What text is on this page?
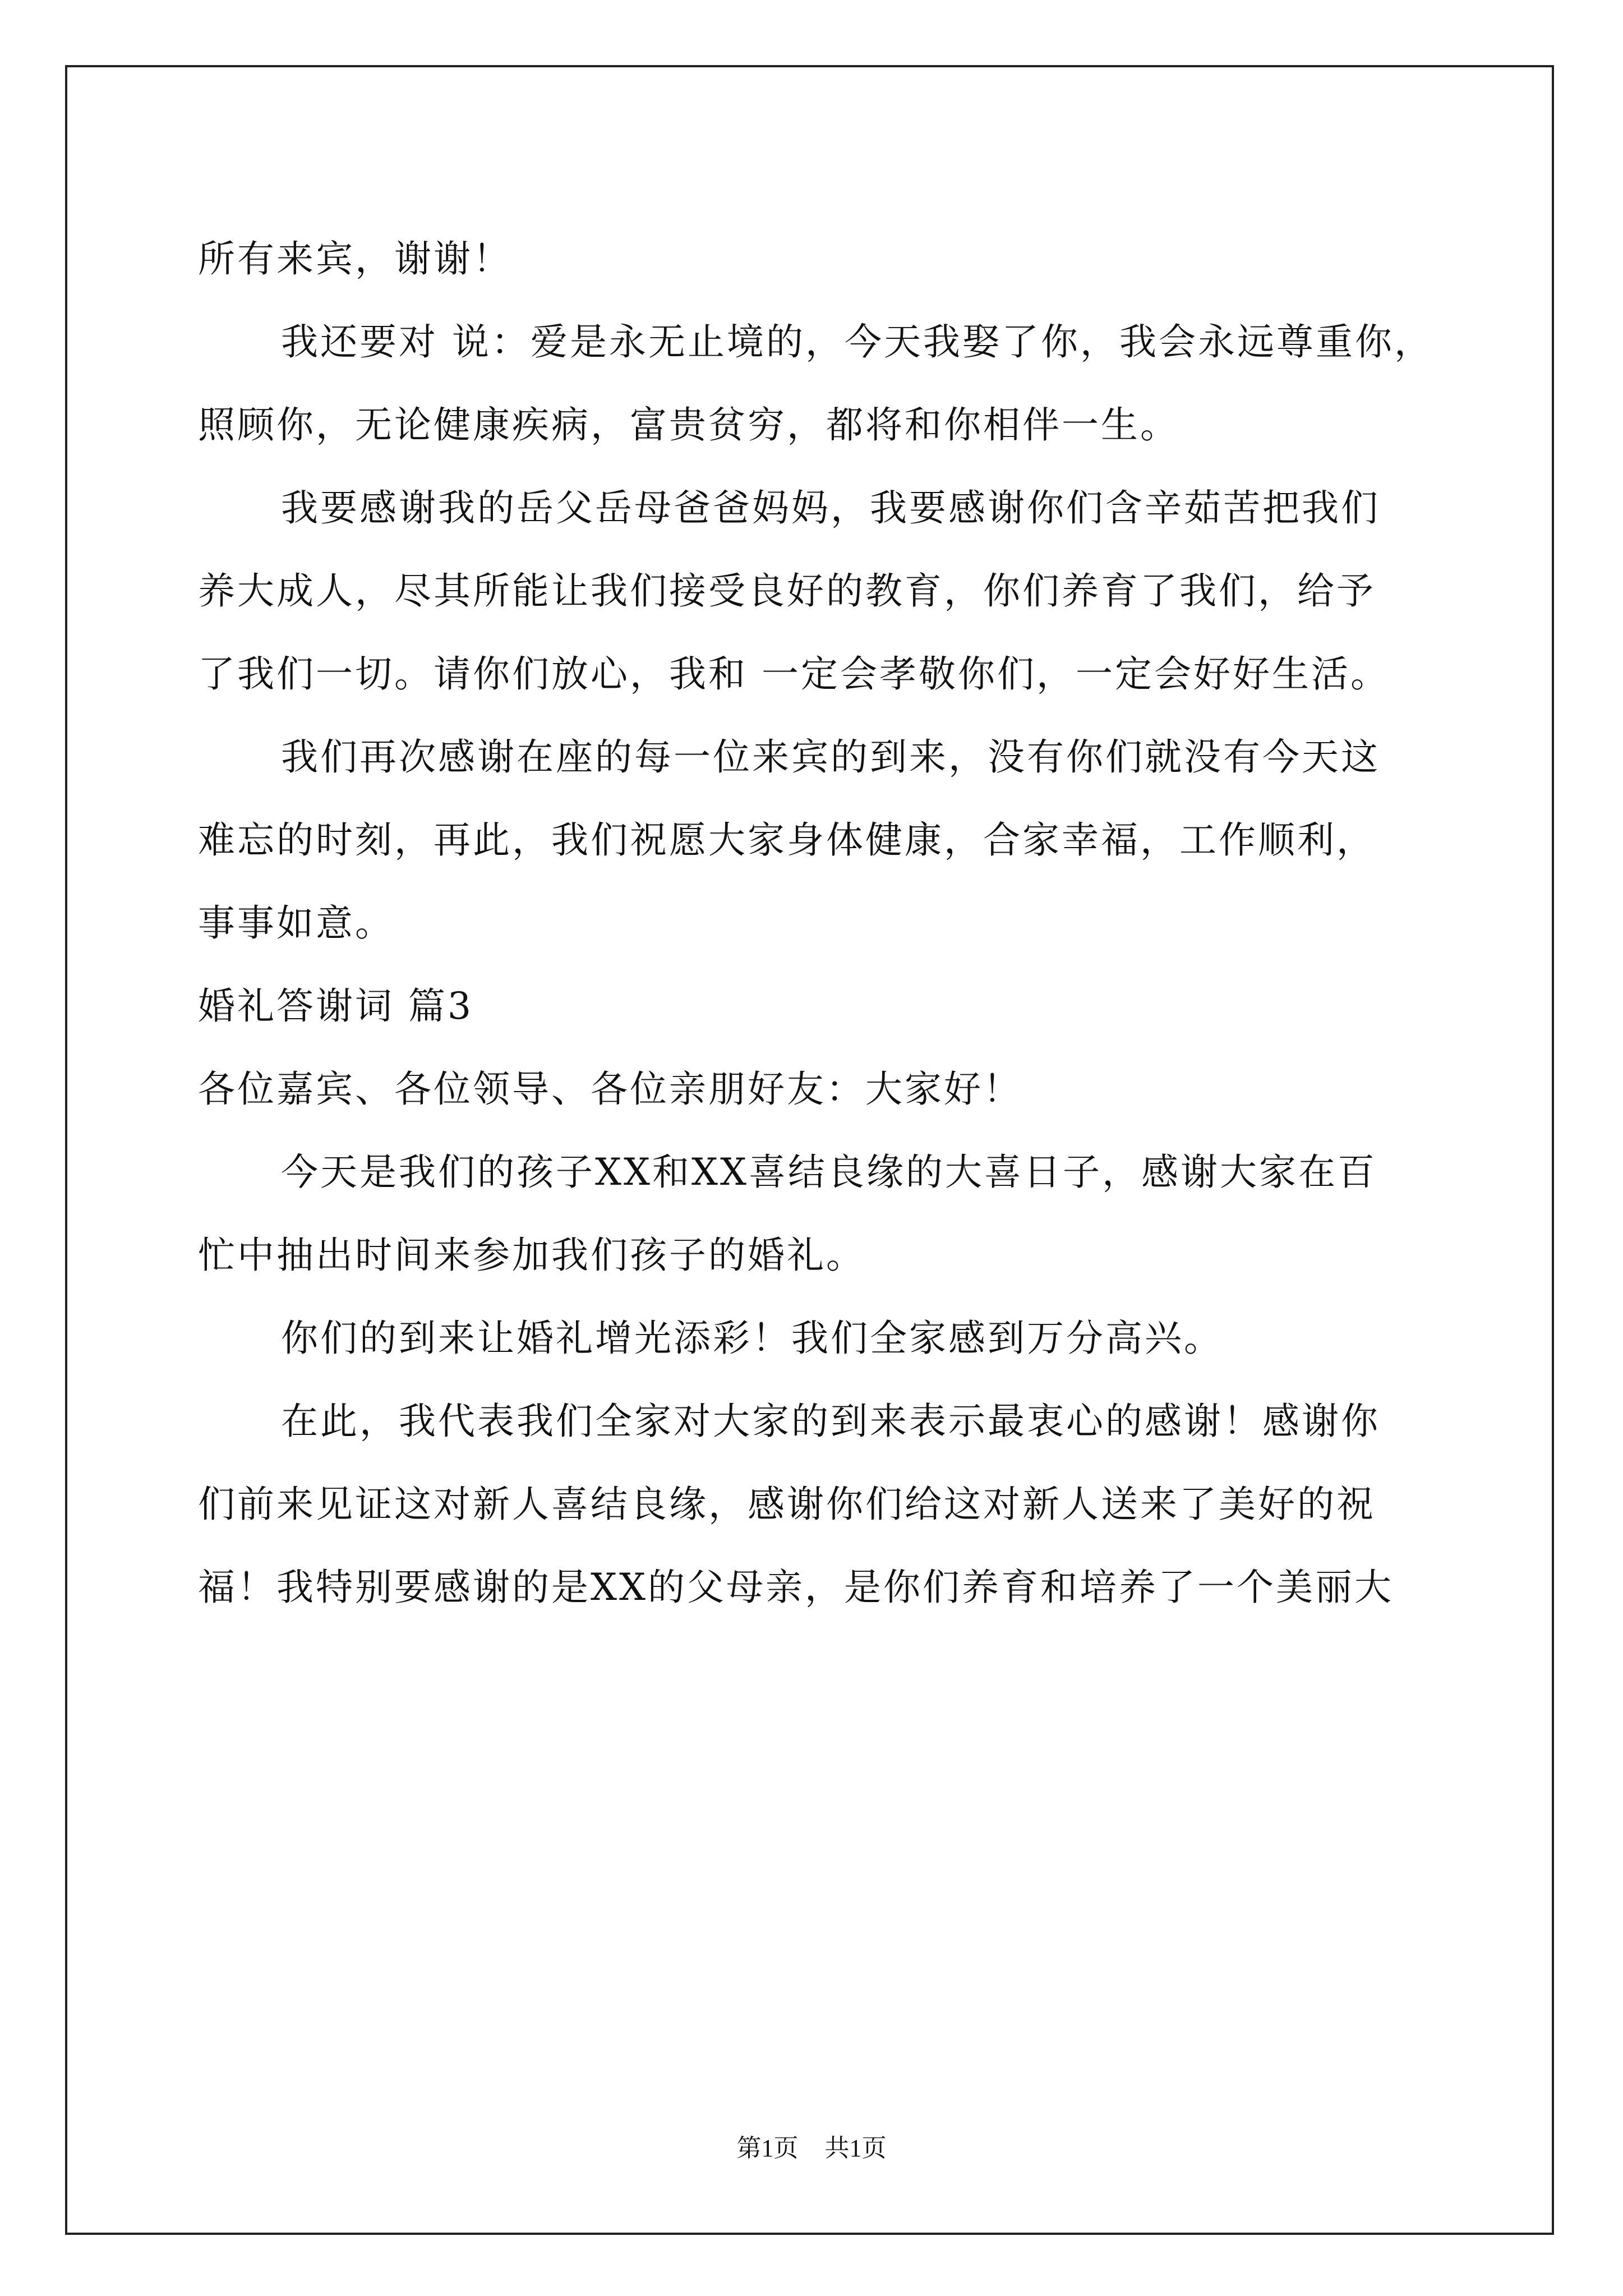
所有来宾，谢谢！
我还要对 说：爱是永无止境的，今天我娶了你，我会永远尊重你，
照顾你，无论健康疾病，富贵贫穷，都将和你相伴一生。
我要感谢我的岳父岳母爸爸妈妈，我要感谢你们含辛茹苦把我们
养大成人，尽其所能让我们接受良好的教育，你们养育了我们，给予
了我们一切。请你们放心，我和 一定会孝敬你们，一定会好好生活。
我们再次感谢在座的每一位来宾的到来，没有你们就没有今天这
难忘的时刻，再此，我们祝愿大家身体健康，合家幸福，工作顺利，
事事如意。
婚礼答谢词 篇3
各位嘉宾、各位领导、各位亲朋好友：大家好！
今天是我们的孩子XX和XX喜结良缘的大喜日子，感谢大家在百
忙中抽出时间来参加我们孩子的婚礼。
你们的到来让婚礼增光添彩！我们全家感到万分高兴。
在此，我代表我们全家对大家的到来表示最衷心的感谢！感谢你
们前来见证这对新人喜结良缘，感谢你们给这对新人送来了美好的祝
福！我特别要感谢的是XX的父母亲，是你们养育和培养了一个美丽大
第1页 共1页
